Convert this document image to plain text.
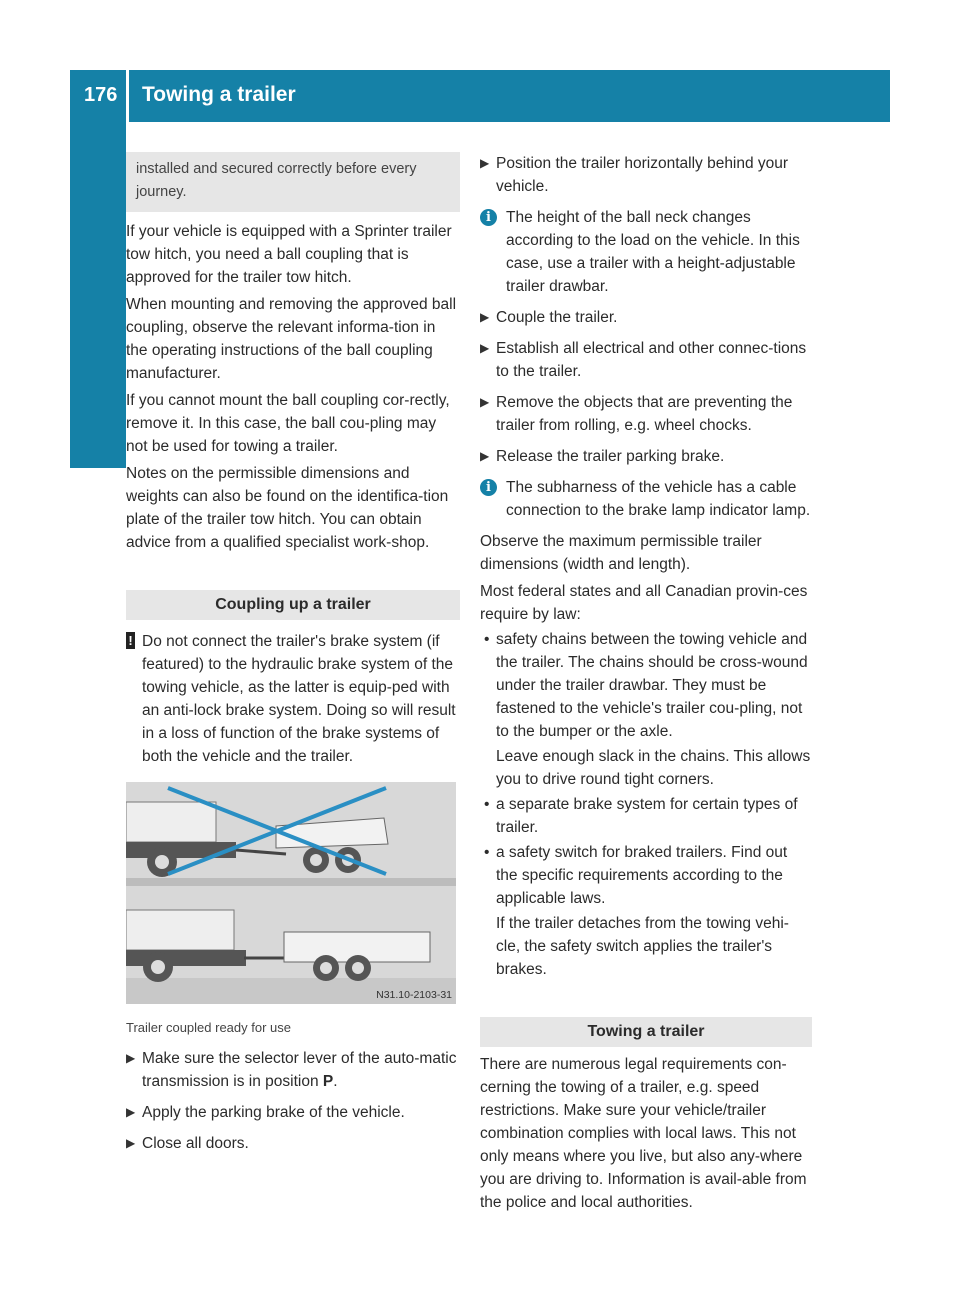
176 Towing a trailer
Driving and parking

installed and secured correctly before every journey.

If your vehicle is equipped with a Sprinter trailer tow hitch, you need a ball coupling that is approved for the trailer tow hitch.

When mounting and removing the approved ball coupling, observe the relevant informa-tion in the operating instructions of the ball coupling manufacturer.

If you cannot mount the ball coupling cor-rectly, remove it. In this case, the ball cou-pling may not be used for towing a trailer.

Notes on the permissible dimensions and weights can also be found on the identifica-tion plate of the trailer tow hitch. You can obtain advice from a qualified specialist work-shop.

Coupling up a trailer

! Do not connect the trailer's brake system (if featured) to the hydraulic brake system of the towing vehicle, as the latter is equip-ped with an anti-lock brake system. Doing so will result in a loss of function of the brake systems of both the vehicle and the trailer.

N31.10-2103-31

Trailer coupled ready for use

▶ Make sure the selector lever of the auto-matic transmission is in position P.

▶ Apply the parking brake of the vehicle.

▶ Close all doors.

▶ Position the trailer horizontally behind your vehicle.

i The height of the ball neck changes according to the load on the vehicle. In this case, use a trailer with a height-adjustable trailer drawbar.

▶ Couple the trailer.

▶ Establish all electrical and other connec-tions to the trailer.

▶ Remove the objects that are preventing the trailer from rolling, e.g. wheel chocks.

▶ Release the trailer parking brake.

i The subharness of the vehicle has a cable connection to the brake lamp indicator lamp.

Observe the maximum permissible trailer dimensions (width and length).

Most federal states and all Canadian provin-ces require by law:

• safety chains between the towing vehicle and the trailer. The chains should be cross-wound under the trailer drawbar. They must be fastened to the vehicle's trailer cou-pling, not to the bumper or the axle.

Leave enough slack in the chains. This allows you to drive round tight corners.

• a separate brake system for certain types of trailer.

• a safety switch for braked trailers. Find out the specific requirements according to the applicable laws.

If the trailer detaches from the towing vehi-cle, the safety switch applies the trailer's brakes.

Towing a trailer

There are numerous legal requirements con-cerning the towing of a trailer, e.g. speed restrictions. Make sure your vehicle/trailer combination complies with local laws. This not only means where you live, but also any-where you are driving to. Information is avail-able from the police and local authorities.
